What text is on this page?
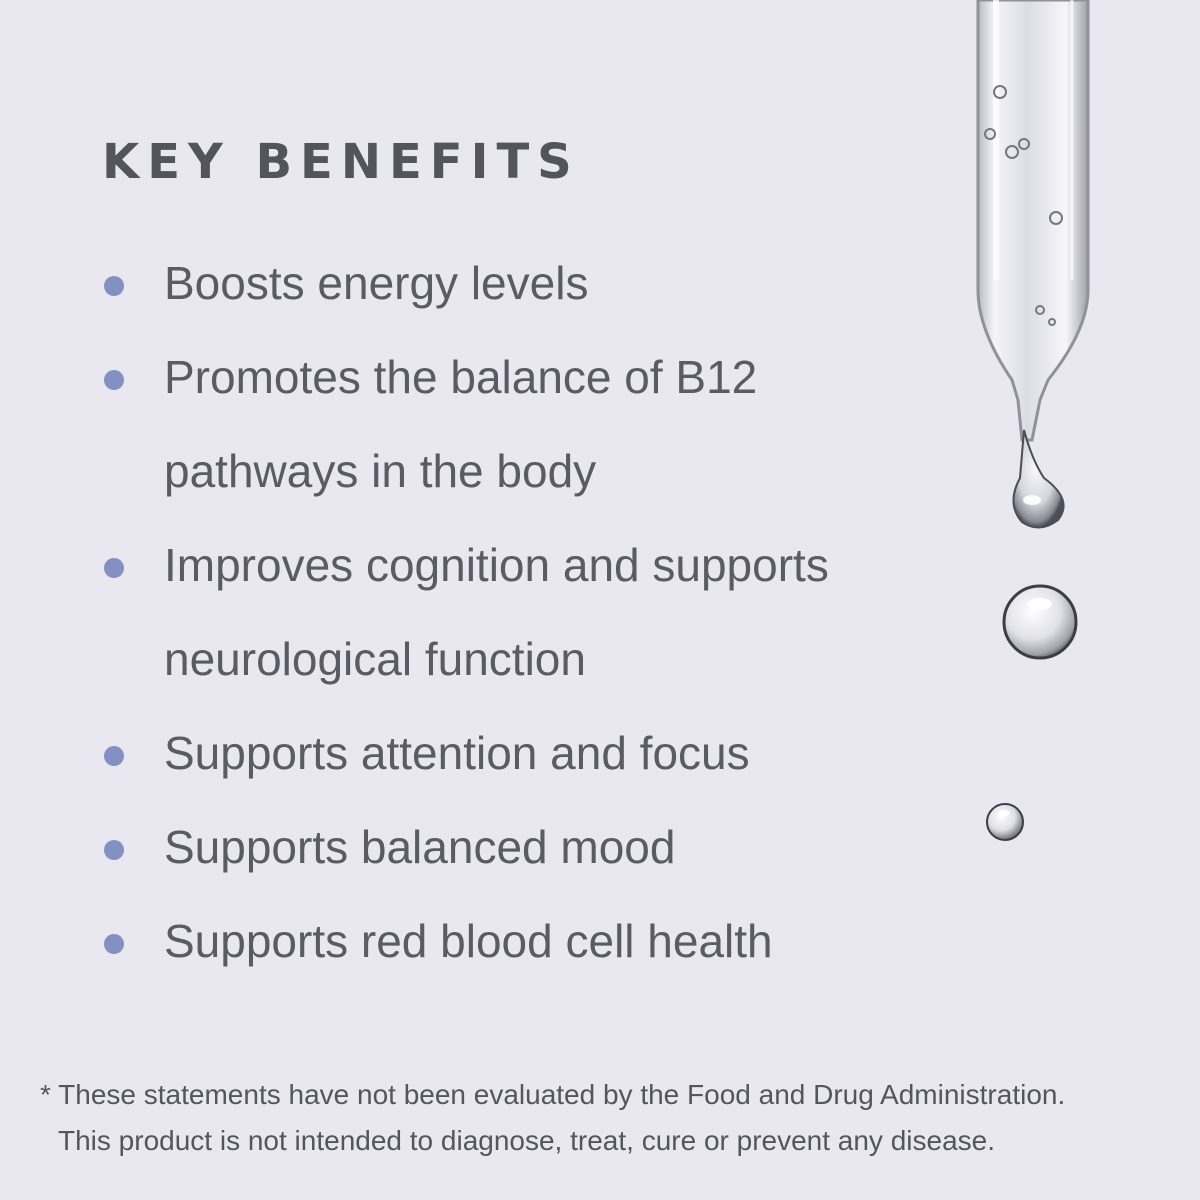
KEY BENEFITS
Boosts energy levels
Promotes the balance of B12 pathways in the body
Improves cognition and supports neurological function
Supports attention and focus
Supports balanced mood
Supports red blood cell health
* These statements have not been evaluated by the Food and Drug Administration.
This product is not intended to diagnose, treat, cure or prevent any disease.
